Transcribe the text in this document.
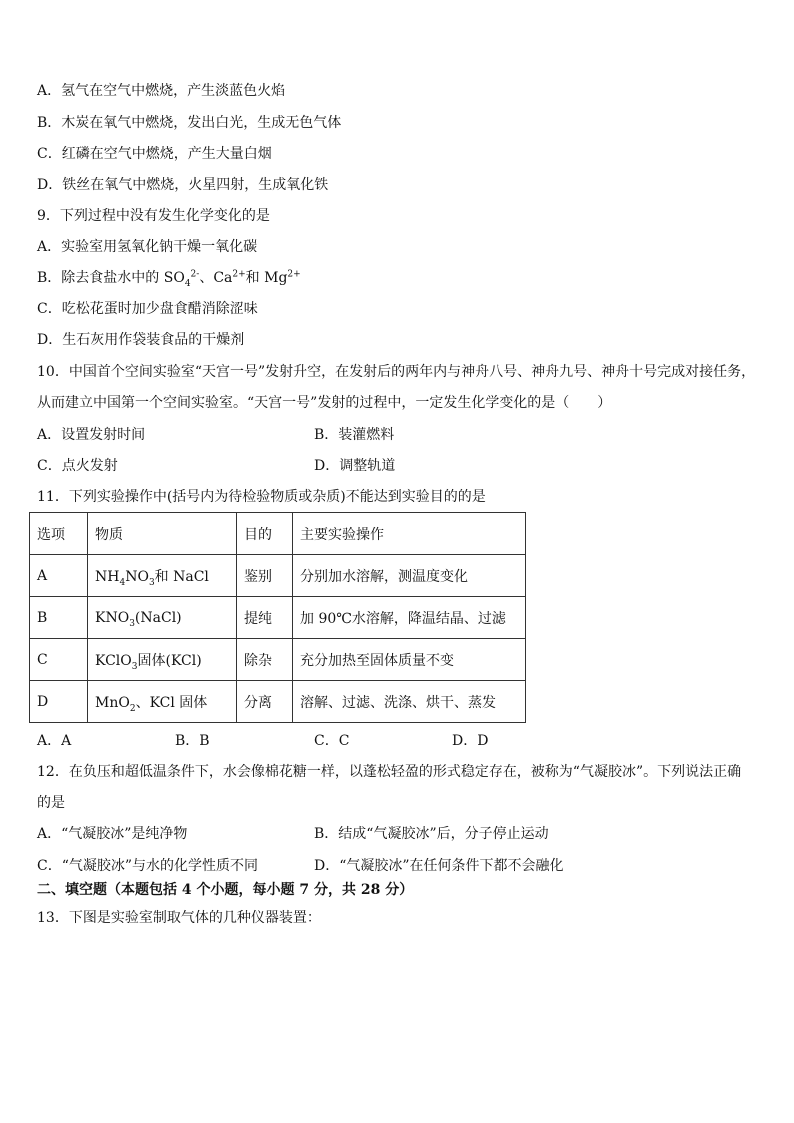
A．氢气在空气中燃烧，产生淡蓝色火焰
B．木炭在氧气中燃烧，发出白光，生成无色气体
C．红磷在空气中燃烧，产生大量白烟
D．铁丝在氧气中燃烧，火星四射，生成氧化铁
9．下列过程中没有发生化学变化的是
A．实验室用氢氧化钠干燥一氧化碳
B．除去食盐水中的 $SO_4^{2-}$、$Ca^{2+}$和 $Mg^{2+}$
C．吃松花蛋时加少盘食醋消除涩味
D．生石灰用作袋装食品的干燥剂
10．中国首个空间实验室“天宫一号”发射升空，在发射后的两年内与神舟八号、神舟九号、神舟十号完成对接任务，
从而建立中国第一个空间实验室。“天宫一号”发射的过程中，一定发生化学变化的是（　　）
A．设置发射时间	B．装灌燃料
C．点火发射	D．调整轨道
11．下列实验操作中(括号内为待检验物质或杂质)不能达到实验目的的是
选项	物质	目的	主要实验操作
A	$NH_4NO_3$和 NaCl	鉴别	分别加水溶解，测温度变化
B	$KNO_3(NaCl)$	提纯	加 90℃水溶解，降温结晶、过滤
C	KClO$_3$固体(KCl)	除杂	充分加热至固体质量不变
D	MnO$_2$、KCl 固体	分离	溶解、过滤、洗涤、烘干、蒸发
A．A	B．B	C．C	D．D
12．在负压和超低温条件下，水会像棉花糖一样，以蓬松轻盈的形式稳定存在，被称为“气凝胶冰”。下列说法正确
的是
A．“气凝胶冰”是纯净物	B．结成“气凝胶冰”后，分子停止运动
C．“气凝胶冰”与水的化学性质不同	D．“气凝胶冰”在任何条件下都不会融化
二、填空题（本题包括 4 个小题，每小题 7 分，共 28 分）
13．下图是实验室制取气体的几种仪器装置：
